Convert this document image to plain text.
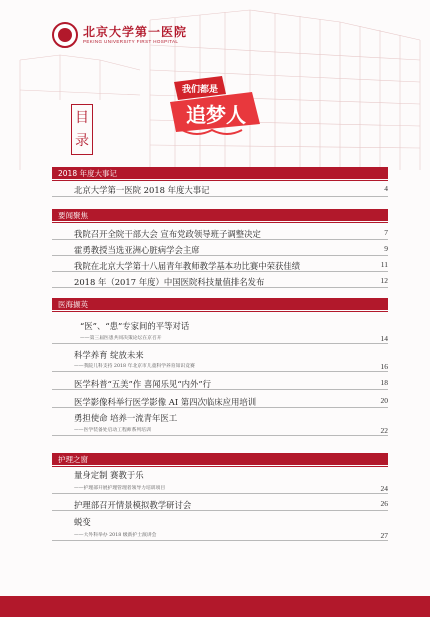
北京大学第一医院
PEKING UNIVERSITY FIRST HOSPITAL
我们都是
追梦人
目
录
2018 年度大事记
北京大学第一医院 2018 年度大事记	4
要闻聚焦
我院召开全院干部大会 宣布党政领导班子调整决定	7
霍勇教授当选亚洲心脏病学会主席	9
我院在北京大学第十八届青年教师教学基本功比赛中荣获佳绩	11
2018 年（2017 年度）中国医院科技量值排名发布	12
医海撷英
“医”、“患”专家间的平等对话
——第三届医患共同决策论坛在京召开	14
科学养育 绽放未来
——我院儿科支持 2018 年北京市儿童科学养育知识竞赛	16
医学科普“五美”作 喜闻乐见“内外”行	18
医学影像科举行医学影像 AI 第四次临床应用培训	20
勇担使命 培养一流青年医工
——医学装备处启动工程师系列培训	22
护理之窗
量身定制 赛教于乐
——护理部开展护理管理者领导力培训项目	24
护理部召开情景模拟教学研讨会	26
蜕变
——大外科举办 2018 级新护士演讲会	27
